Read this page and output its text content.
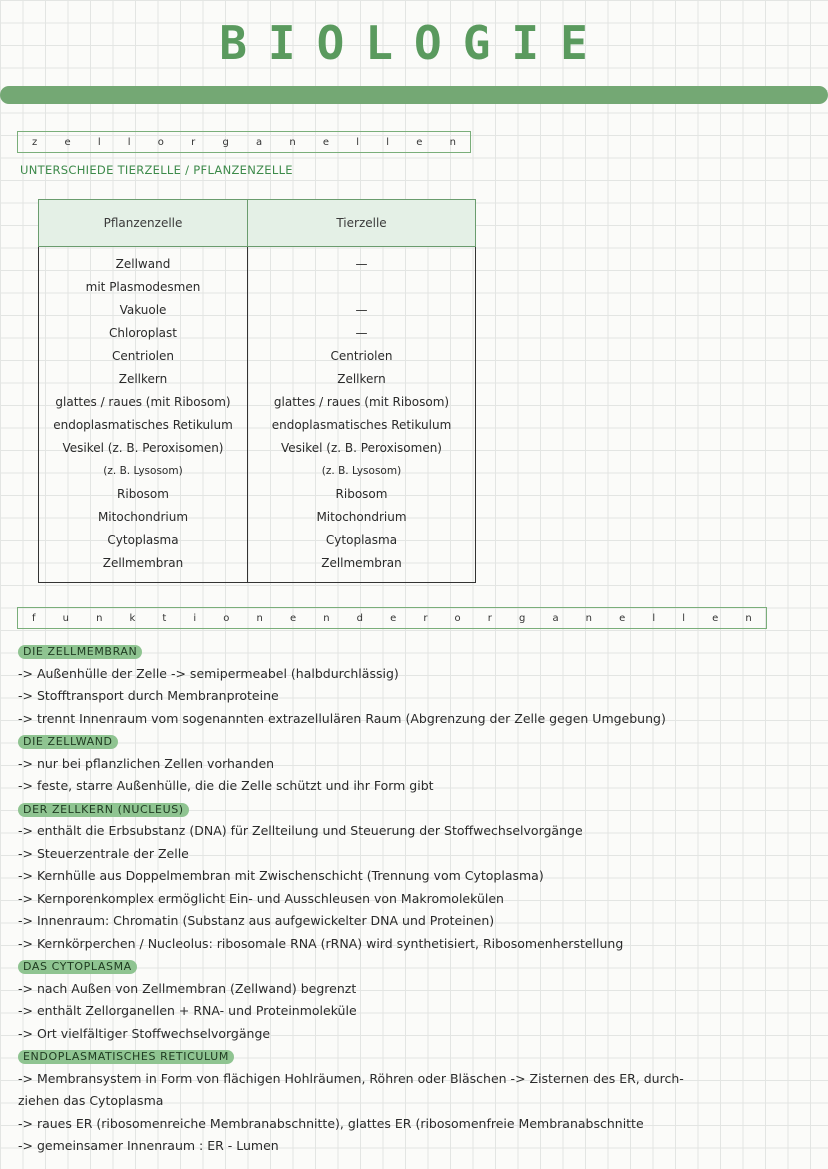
BIOLOGIE
z	e	l	l	o	r	g	a	n	e	l	l	e	n
UNTERSCHIEDE TIERZELLE / PFLANZENZELLE
Pflanzenzelle	Tierzelle
Zellwand	—
mit Plasmodesmen	
Vakuole	—
Chloroplast	—
Centriolen	Centriolen
Zellkern	Zellkern
glattes / raues (mit Ribosom)	glattes / raues (mit Ribosom)
endoplasmatisches Retikulum	endoplasmatisches Retikulum
Vesikel (z. B. Peroxisomen)	Vesikel (z. B. Peroxisomen)
(z. B. Lysosom)	(z. B. Lysosom)
Ribosom	Ribosom
Mitochondrium	Mitochondrium
Cytoplasma	Cytoplasma
Zellmembran	Zellmembran
f	u	n	k	t	i	o	n	e	n	d	e	r	o	r	g	a	n	e	l	l	e	n
DIE ZELLMEMBRAN
-> Außenhülle der Zelle -> semipermeabel (halbdurchlässig)
-> Stofftransport durch Membranproteine
-> trennt Innenraum vom sogenannten extrazellulären Raum (Abgrenzung der Zelle gegen Umgebung)
DIE ZELLWAND
-> nur bei pflanzlichen Zellen vorhanden
-> feste, starre Außenhülle, die die Zelle schützt und ihr Form gibt
DER ZELLKERN (NUCLEUS)
-> enthält die Erbsubstanz (DNA) für Zellteilung und Steuerung der Stoffwechselvorgänge
-> Steuerzentrale der Zelle
-> Kernhülle aus Doppelmembran mit Zwischenschicht (Trennung vom Cytoplasma)
-> Kernporenkomplex ermöglicht Ein- und Ausschleusen von Makromolekülen
-> Innenraum: Chromatin (Substanz aus aufgewickelter DNA und Proteinen)
-> Kernkörperchen / Nucleolus: ribosomale RNA (rRNA) wird synthetisiert, Ribosomenherstellung
DAS CYTOPLASMA
-> nach Außen von Zellmembran (Zellwand) begrenzt
-> enthält Zellorganellen + RNA- und Proteinmoleküle
-> Ort vielfältiger Stoffwechselvorgänge
ENDOPLASMATISCHES RETICULUM
-> Membransystem in Form von flächigen Hohlräumen, Röhren oder Bläschen -> Zisternen des ER, durch-
ziehen das Cytoplasma
-> raues ER (ribosomenreiche Membranabschnitte), glattes ER (ribosomenfreie Membranabschnitte
-> gemeinsamer Innenraum : ER - Lumen
